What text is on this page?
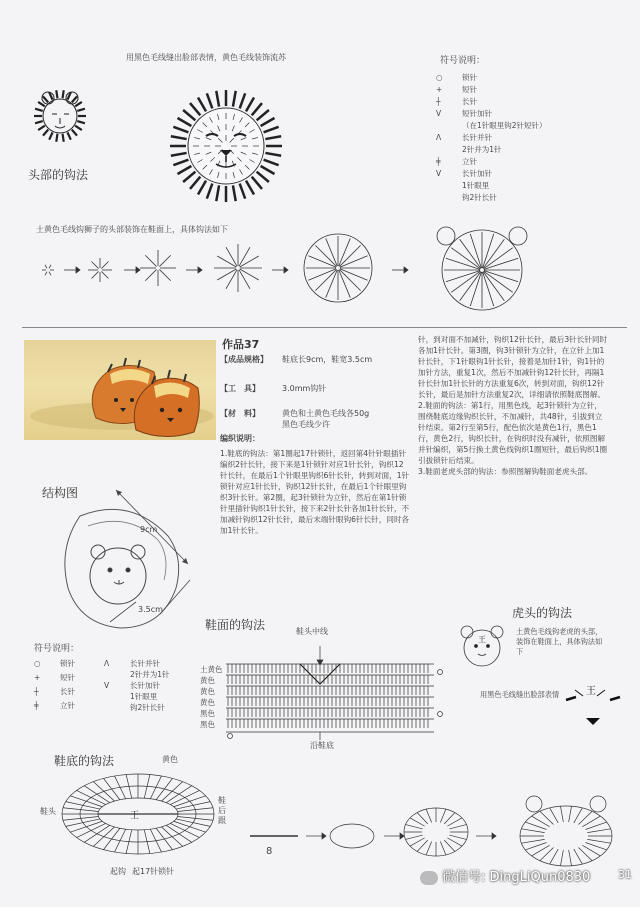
用黑色毛线缝出脸部表情，黄色毛线装饰流苏
头部的钩法
符号说明：
○	锁针
+	短针
┼	长针
V	短针加针
（在1针眼里钩2针短针）
Λ	长针并针
2针并为1针
╪	立针
V	长针加针
1针眼里
钩2针长针
土黄色毛线钩狮子的头部装饰在鞋面上，具体钩法如下
作品37
【成品规格】 鞋底长9cm，鞋宽3.5cm
【工　具】	3.0mm钩针
【材　料】	黄色和土黄色毛线各50g
黑色毛线少许
编织说明：
1.鞋底的钩法：第1圈起17针锁针，返回第4针针眼插针编织2针长针，接下来是1针锁针对应1针长针，钩织12针长针，在最后1个针眼里钩织6针长针，转到对面，1针锁针对应1针长针，钩织12针长针，在最后1个针眼里钩织3针长针。第2圈，起3针锁针为立针，然后在第1针锁针里插针钩织1针长针，接下来2针长针各加1针长针，不加减针钩织12针长针，最后末端针眼钩6针长针，同时各加1针长针。

针，到对面不加减针，钩织12针长针，最后3针长针同时各加1针长针。第3圈，钩3针锁针为立针，在立针上加1针长针，下1针眼钩1针长针，接着是加针1针，钩1针的加针方法，重复1次，然后不加减针钩12针长针，再隔1针长针加1针长针的方法重复6次，转到对面，钩织12针长针，最后是加针方法重复2次，详细请依照鞋底图解。

2.鞋面的钩法：第1行，用黑色线，起3针锁针为立针，围绕鞋底边缘钩织长针，不加减针，共48针，引拔到立针结束。第2行至第5行，配色依次是黄色1行，黑色1行，黄色2行，钩织长针，在钩织时没有减针，依照图解并针编织，第5行换土黄色线钩织1圈短针，最后钩织1圈引拔锁针后结束。

3.鞋面老虎头部的钩法：参照图解钩鞋面老虎头部。

结构图
9cm
3.5cm
鞋面的钩法
虎头的钩法
王
土黄色毛线钩老虎的头部，装饰在鞋面上，具体钩法如下
用黑色毛线缝出脸部表情	王
符号说明：
○	锁针
+	短针
┼	长针
╪	立针
Λ	长针并针
2针并为1针
V	长针加针
1针眼里
钩2针长针
鞋头中线
土黄色
黄色
黄色
黄色
黑色
黑色
沿鞋底
鞋底的钩法	黄色
鞋头
鞋后跟
王
起钩 起17针锁针
8
31
微信号: DingLiQun0830
